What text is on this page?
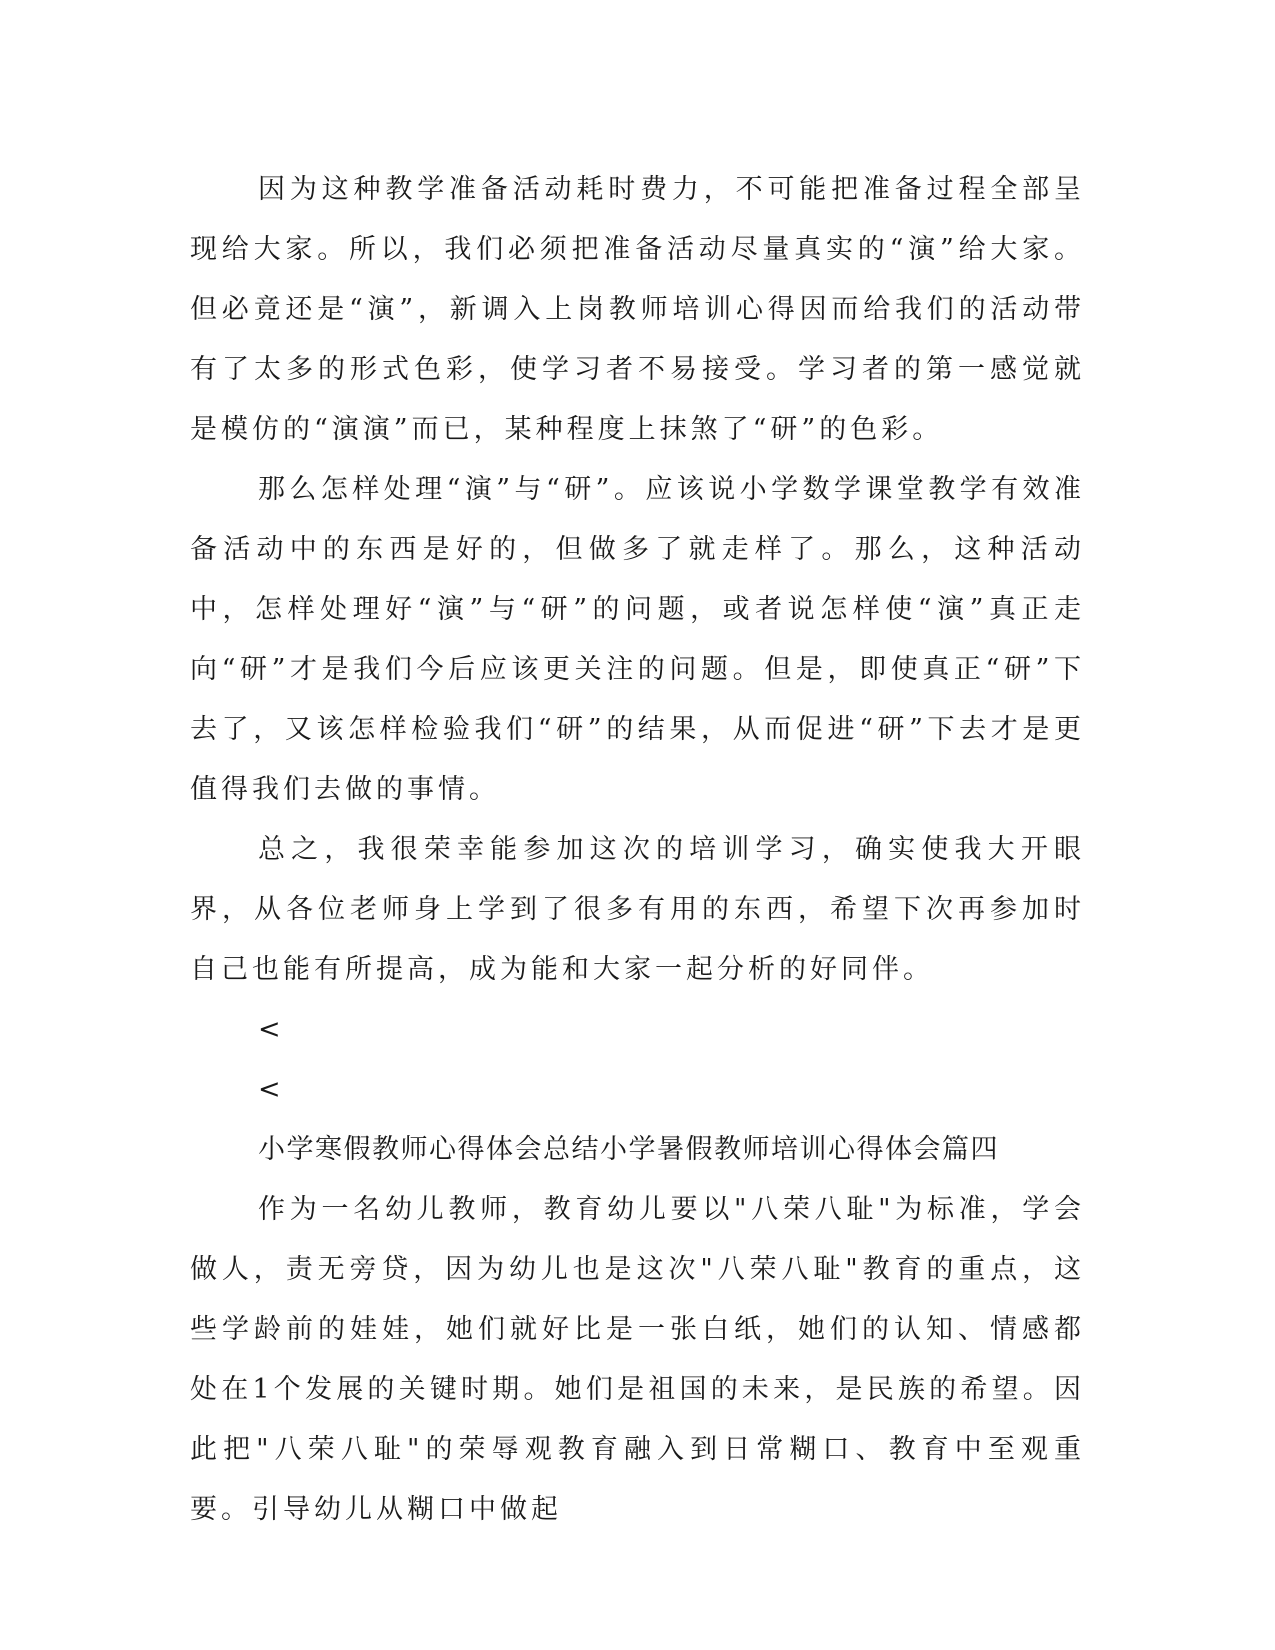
因为这种教学准备活动耗时费力，不可能把准备过程全部呈现给大家。所以，我们必须把准备活动尽量真实的“演”给大家。但必竟还是“演”，新调入上岗教师培训心得因而给我们的活动带有了太多的形式色彩，使学习者不易接受。学习者的第一感觉就是模仿的“演演”而已，某种程度上抹煞了“研”的色彩。

那么怎样处理“演”与“研”。应该说小学数学课堂教学有效准备活动中的东西是好的，但做多了就走样了。那么，这种活动中，怎样处理好“演”与“研”的问题，或者说怎样使“演”真正走向“研”才是我们今后应该更关注的问题。但是，即使真正“研”下去了，又该怎样检验我们“研”的结果，从而促进“研”下去才是更值得我们去做的事情。

总之，我很荣幸能参加这次的培训学习，确实使我大开眼界，从各位老师身上学到了很多有用的东西，希望下次再参加时自己也能有所提高，成为能和大家一起分析的好同伴。

<

<

小学寒假教师心得体会总结小学暑假教师培训心得体会篇四

作为一名幼儿教师，教育幼儿要以"八荣八耻"为标准，学会做人，责无旁贷，因为幼儿也是这次"八荣八耻"教育的重点，这些学龄前的娃娃，她们就好比是一张白纸，她们的认知、情感都处在1个发展的关键时期。她们是祖国的未来，是民族的希望。因此把"八荣八耻"的荣辱观教育融入到日常糊口、教育中至观重要。引导幼儿从糊口中做起
